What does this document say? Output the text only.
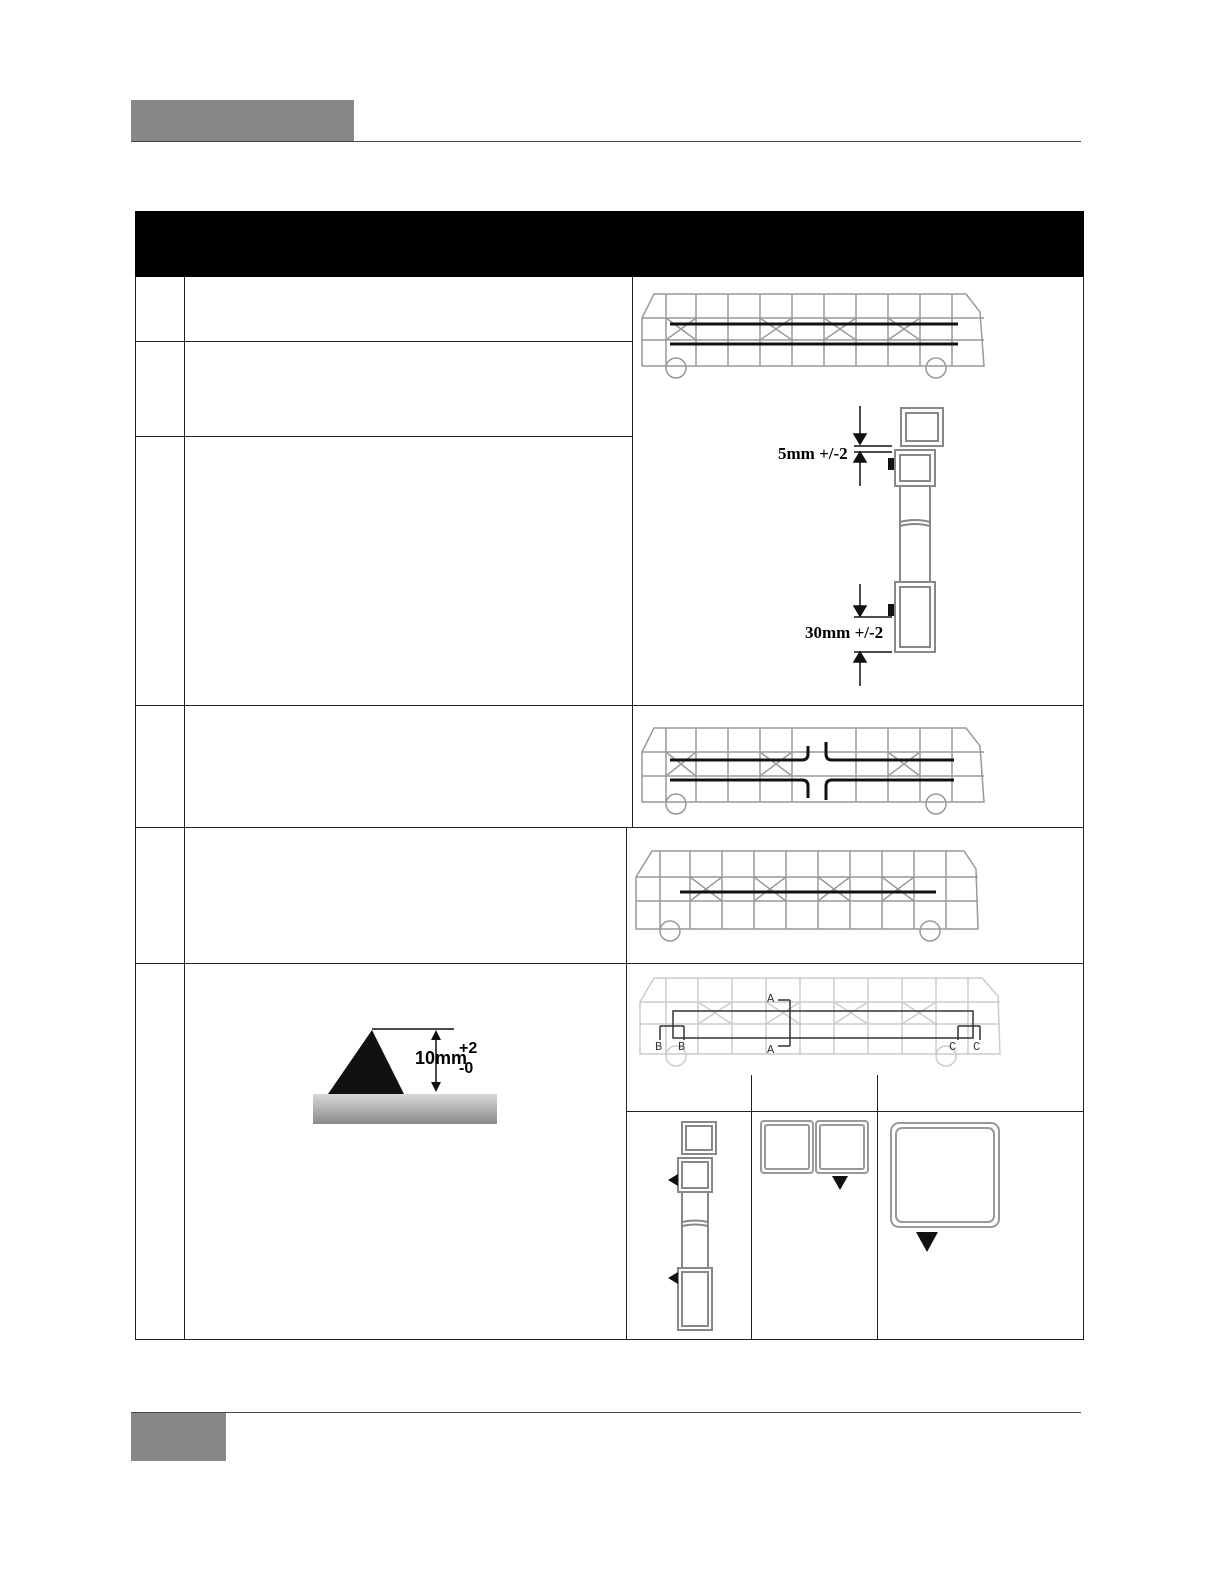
5mm +/-2
30mm +/-2
10mm
+2
-0
A
A
B B	C C
